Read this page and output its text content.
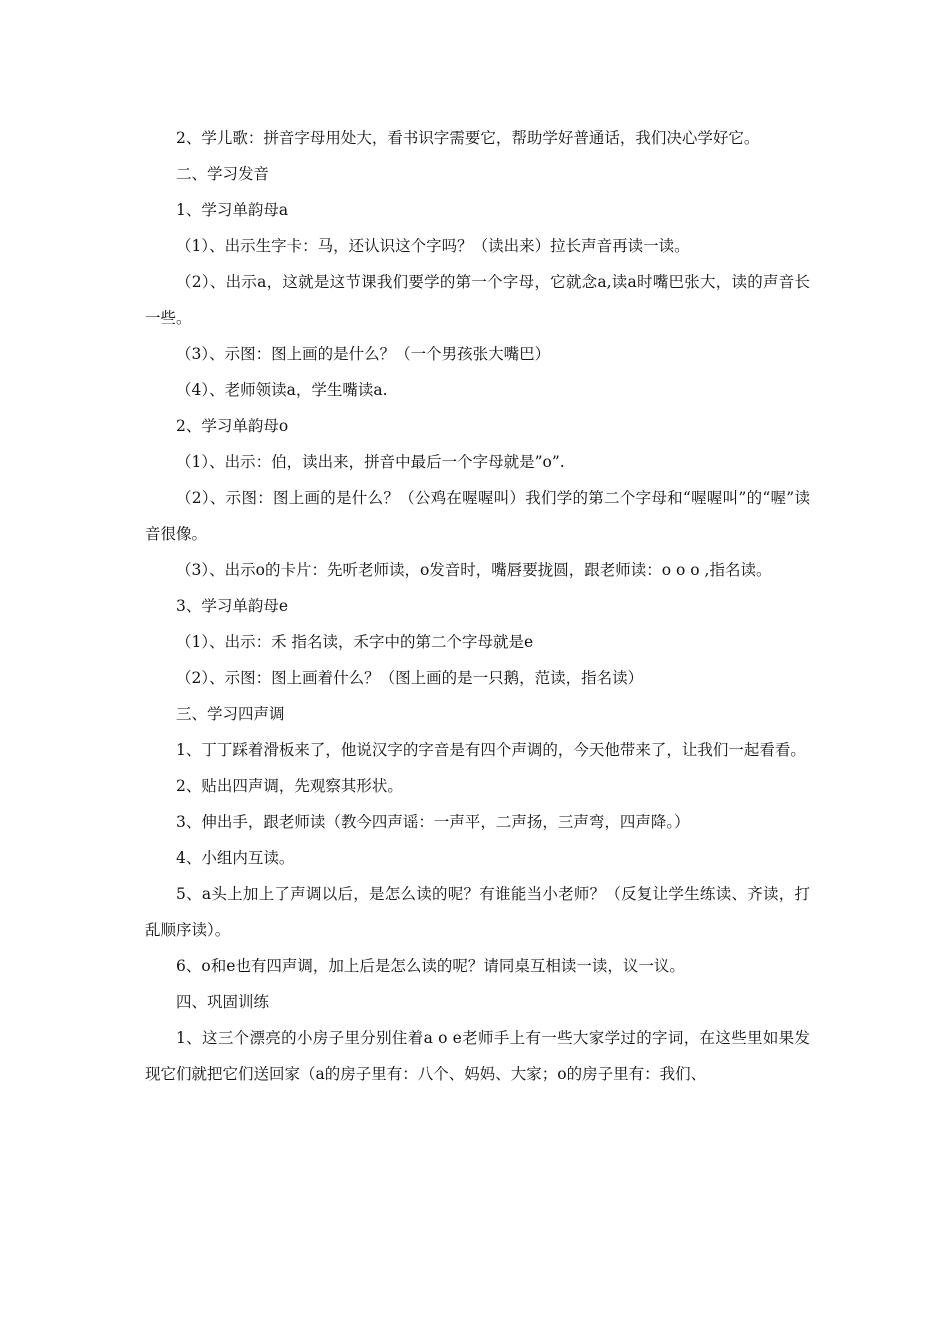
2、学儿歌：拼音字母用处大，看书识字需要它，帮助学好普通话，我们决心学好它。

二、学习发音

1、学习单韵母a

（1）、出示生字卡：马，还认识这个字吗？（读出来）拉长声音再读一读。

（2）、出示a，这就是这节课我们要学的第一个字母，它就念a,读a时嘴巴张大，读的声音长一些。

（3）、示图：图上画的是什么？（一个男孩张大嘴巴）

（4）、老师领读a，学生嘴读a.

2、学习单韵母o

（1）、出示：伯，读出来，拼音中最后一个字母就是”o”.

（2）、示图：图上画的是什么？（公鸡在喔喔叫）我们学的第二个字母和“喔喔叫”的“喔”读音很像。

（3）、出示o的卡片：先听老师读，o发音时，嘴唇要拢圆，跟老师读：o o o ,指名读。

3、学习单韵母e

（1）、出示：禾 指名读，禾字中的第二个字母就是e

（2）、示图：图上画着什么？（图上画的是一只鹅，范读，指名读）

三、学习四声调

1、丁丁踩着滑板来了，他说汉字的字音是有四个声调的，今天他带来了，让我们一起看看。

2、贴出四声调，先观察其形状。

3、伸出手，跟老师读（教今四声谣：一声平，二声扬，三声弯，四声降。）

4、小组内互读。

5、a头上加上了声调以后，是怎么读的呢？有谁能当小老师？（反复让学生练读、齐读，打乱顺序读）。

6、o和e也有四声调，加上后是怎么读的呢？请同桌互相读一读，议一议。

四、巩固训练

1、这三个漂亮的小房子里分别住着a o e老师手上有一些大家学过的字词，在这些里如果发现它们就把它们送回家（a的房子里有：八个、妈妈、大家；o的房子里有：我们、
